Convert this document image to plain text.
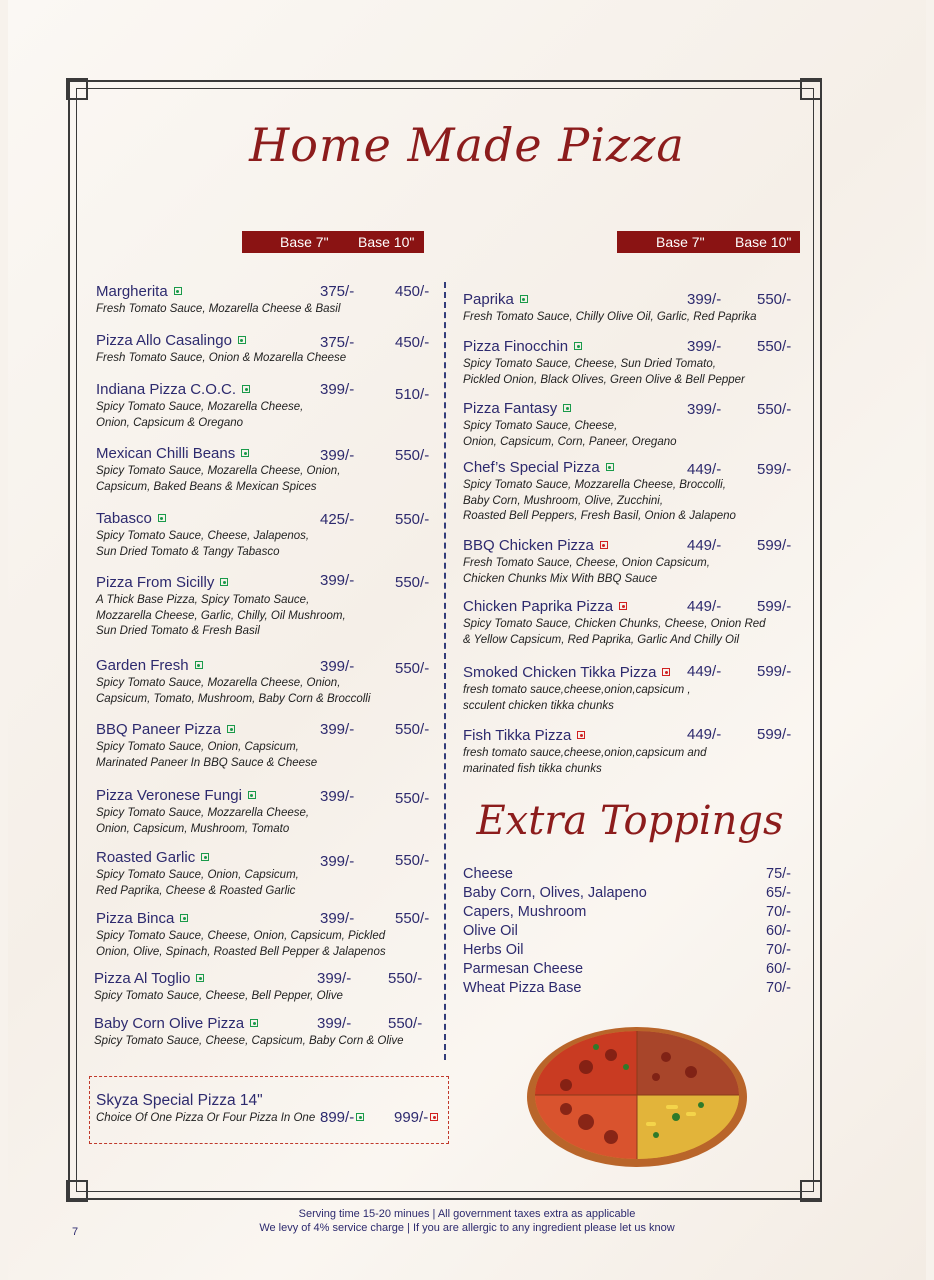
Home Made Pizza
Base 7" Base 10"	Base 7" Base 10"
Margherita
Fresh Tomato Sauce, Mozarella Cheese & Basil
375/-	450/-
Pizza Allo Casalingo
Fresh Tomato Sauce, Onion & Mozarella Cheese
375/-	450/-
Indiana Pizza C.O.C.
Spicy Tomato Sauce, Mozarella Cheese,
Onion, Capsicum & Oregano
399/-	510/-
Mexican Chilli Beans
Spicy Tomato Sauce, Mozarella Cheese, Onion,
Capsicum, Baked Beans & Mexican Spices
399/-	550/-
Tabasco
Spicy Tomato Sauce, Cheese, Jalapenos,
Sun Dried Tomato & Tangy Tabasco
425/-	550/-
Pizza From Sicilly
A Thick Base Pizza, Spicy Tomato Sauce,
Mozzarella Cheese, Garlic, Chilly, Oil Mushroom,
Sun Dried Tomato & Fresh Basil
399/-	550/-
Garden Fresh
Spicy Tomato Sauce, Mozarella Cheese, Onion,
Capsicum, Tomato, Mushroom, Baby Corn & Broccolli
399/-	550/-
BBQ Paneer Pizza
Spicy Tomato Sauce, Onion, Capsicum,
Marinated Paneer In BBQ Sauce & Cheese
399/-	550/-
Pizza Veronese Fungi
Spicy Tomato Sauce, Mozzarella Cheese,
Onion, Capsicum, Mushroom, Tomato
399/-	550/-
Roasted Garlic
Spicy Tomato Sauce, Onion, Capsicum,
Red Paprika, Cheese & Roasted Garlic
399/-	550/-
Pizza Binca
Spicy Tomato Sauce, Cheese, Onion, Capsicum, Pickled
Onion, Olive, Spinach, Roasted Bell Pepper & Jalapenos
399/-	550/-
Pizza Al Toglio
Spicy Tomato Sauce, Cheese, Bell Pepper, Olive
399/- 550/-
Baby Corn Olive Pizza
Spicy Tomato Sauce, Cheese, Capsicum, Baby Corn & Olive
399/- 550/-
Paprika
Fresh Tomato Sauce, Chilly Olive Oil, Garlic, Red Paprika
399/- 550/-
Pizza Finocchin
Spicy Tomato Sauce, Cheese, Sun Dried Tomato,
Pickled Onion, Black Olives, Green Olive & Bell Pepper
399/- 550/-
Pizza Fantasy
Spicy Tomato Sauce, Cheese,
Onion, Capsicum, Corn, Paneer, Oregano
399/- 550/-
Chef’s Special Pizza
Spicy Tomato Sauce, Mozzarella Cheese, Broccolli,
Baby Corn, Mushroom, Olive, Zucchini,
Roasted Bell Peppers, Fresh Basil, Onion & Jalapeno
449/- 599/-
BBQ Chicken Pizza
Fresh Tomato Sauce, Cheese, Onion Capsicum,
Chicken Chunks Mix With BBQ Sauce
449/- 599/-
Chicken Paprika Pizza
Spicy Tomato Sauce, Chicken Chunks, Cheese, Onion Red
& Yellow Capsicum, Red Paprika, Garlic And Chilly Oil
449/- 599/-
Smoked Chicken Tikka Pizza
fresh tomato sauce,cheese,onion,capsicum ,
scculent chicken tikka chunks
449/- 599/-
Fish Tikka Pizza
fresh tomato sauce,cheese,onion,capsicum and
marinated fish tikka chunks
449/- 599/-
Skyza Special Pizza 14"
Choice Of One Pizza Or Four Pizza In One 899/-	999/-
Extra Toppings
Cheese	75/-
Baby Corn, Olives, Jalapeno	65/-
Capers, Mushroom	70/-
Olive Oil	60/-
Herbs Oil	70/-
Parmesan Cheese	60/-
Wheat Pizza Base	70/-
Serving time 15-20 minues | All government taxes extra as applicable
We levy of 4% service charge | If you are allergic to any ingredient please let us know
7
